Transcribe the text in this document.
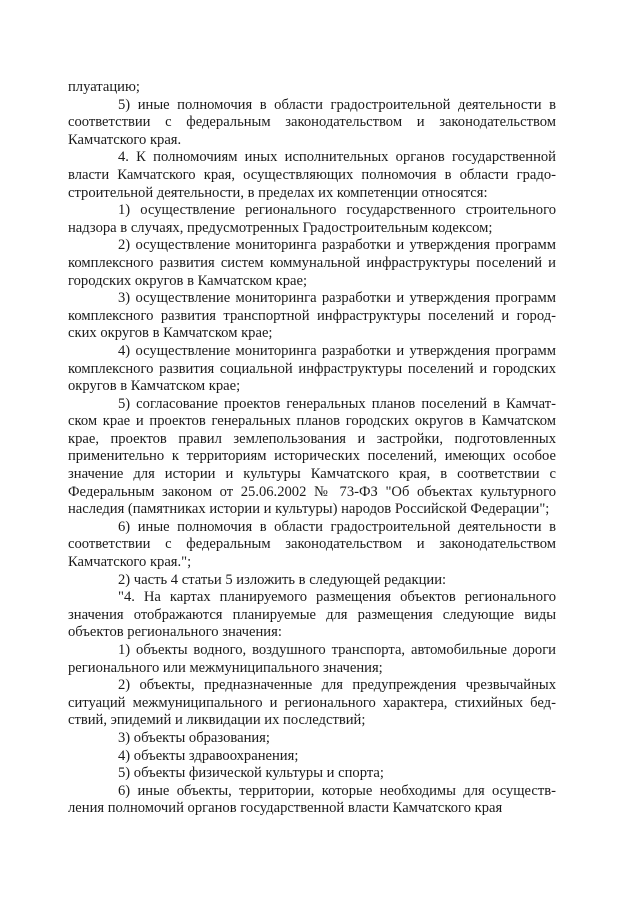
плуатацию;

5) иные полномочия в области градостроительной деятельности в соответствии с федеральным законодательством и законодательством Камчатского края.

4. К полномочиям иных исполнительных органов государственной власти Камчатского края, осуществляющих полномочия в области градостроительной деятельности, в пределах их компетенции относятся:

1) осуществление регионального государственного строительного надзора в случаях, предусмотренных Градостроительным кодексом;

2) осуществление мониторинга разработки и утверждения программ комплексного развития систем коммунальной инфраструктуры поселений и городских округов в Камчатском крае;

3) осуществление мониторинга разработки и утверждения программ комплексного развития транспортной инфраструктуры поселений и городских округов в Камчатском крае;

4) осуществление мониторинга разработки и утверждения программ комплексного развития социальной инфраструктуры поселений и городских округов в Камчатском крае;

5) согласование проектов генеральных планов поселений в Камчатском крае и проектов генеральных планов городских округов в Камчатском крае, проектов правил землепользования и застройки, подготовленных применительно к территориям исторических поселений, имеющих особое значение для истории и культуры Камчатского края, в соответствии с Федеральным законом от 25.06.2002 № 73-ФЗ "Об объектах культурного наследия (памятниках истории и культуры) народов Российской Федерации";

6) иные полномочия в области градостроительной деятельности в соответствии с федеральным законодательством и законодательством Камчатского края.";

2) часть 4 статьи 5 изложить в следующей редакции:

"4. На картах планируемого размещения объектов регионального значения отображаются планируемые для размещения следующие виды объектов регионального значения:

1) объекты водного, воздушного транспорта, автомобильные дороги регионального или межмуниципального значения;

2) объекты, предназначенные для предупреждения чрезвычайных ситуаций межмуниципального и регионального характера, стихийных бедствий, эпидемий и ликвидации их последствий;

3) объекты образования;

4) объекты здравоохранения;

5) объекты физической культуры и спорта;

6) иные объекты, территории, которые необходимы для осуществления полномочий органов государственной власти Камчатского края
